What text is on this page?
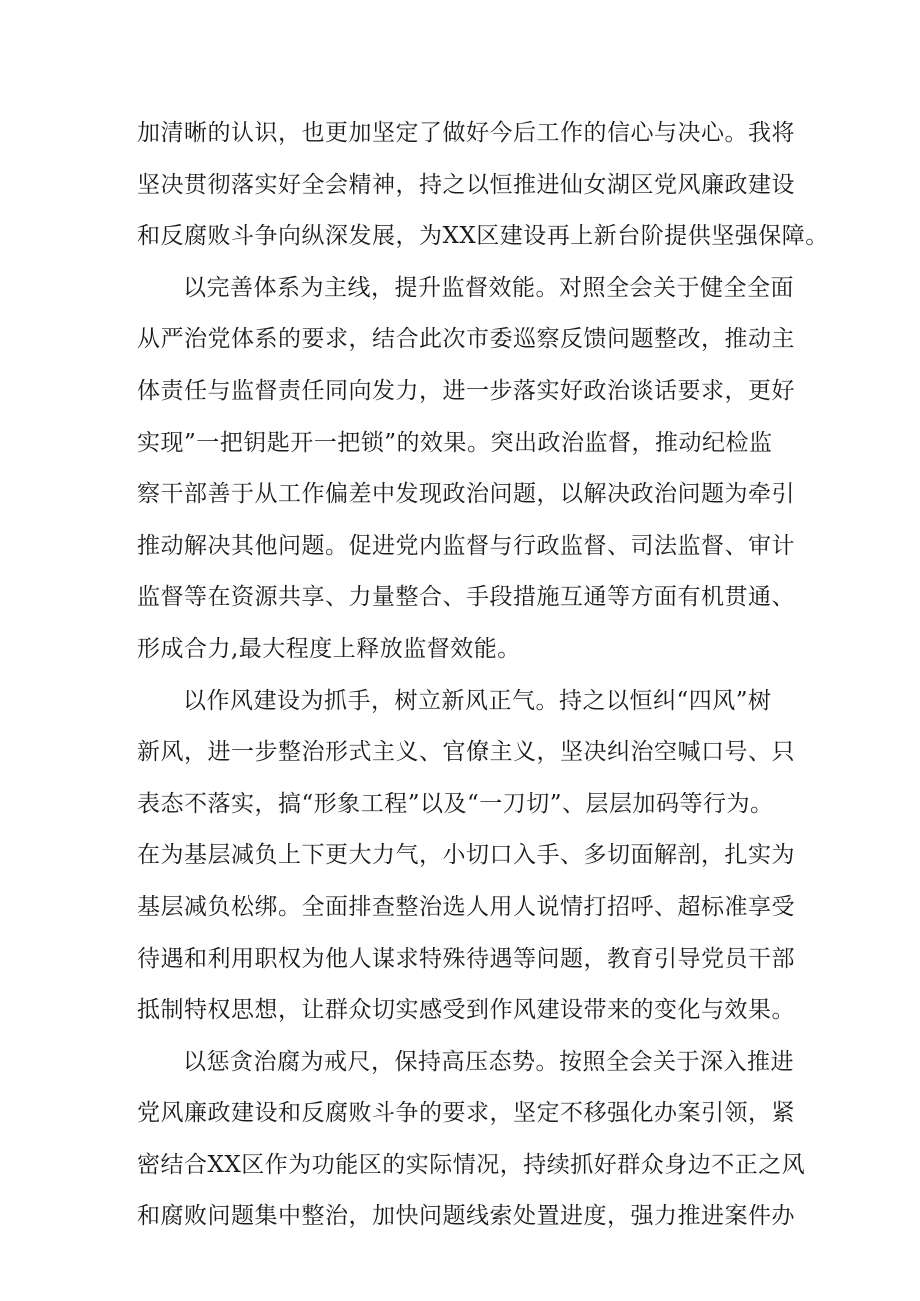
加清晰的认识，也更加坚定了做好今后工作的信心与决心。我将
坚决贯彻落实好全会精神，持之以恒推进仙女湖区党风廉政建设
和反腐败斗争向纵深发展，为XX区建设再上新台阶提供坚强保障。
以完善体系为主线，提升监督效能。对照全会关于健全全面
从严治党体系的要求，结合此次市委巡察反馈问题整改，推动主
体责任与监督责任同向发力，进一步落实好政治谈话要求，更好
实现”一把钥匙开一把锁”的效果。突出政治监督，推动纪检监
察干部善于从工作偏差中发现政治问题，以解决政治问题为牵引
推动解决其他问题。促进党内监督与行政监督、司法监督、审计
监督等在资源共享、力量整合、手段措施互通等方面有机贯通、
形成合力,最大程度上释放监督效能。
以作风建设为抓手，树立新风正气。持之以恒纠“四风”树
新风，进一步整治形式主义、官僚主义，坚决纠治空喊口号、只
表态不落实，搞“形象工程”以及“一刀切”、层层加码等行为。
在为基层减负上下更大力气，小切口入手、多切面解剖，扎实为
基层减负松绑。全面排查整治选人用人说情打招呼、超标准享受
待遇和利用职权为他人谋求特殊待遇等问题，教育引导党员干部
抵制特权思想，让群众切实感受到作风建设带来的变化与效果。
以惩贪治腐为戒尺，保持高压态势。按照全会关于深入推进
党风廉政建设和反腐败斗争的要求，坚定不移强化办案引领，紧
密结合XX区作为功能区的实际情况，持续抓好群众身边不正之风
和腐败问题集中整治，加快问题线索处置进度，强力推进案件办
